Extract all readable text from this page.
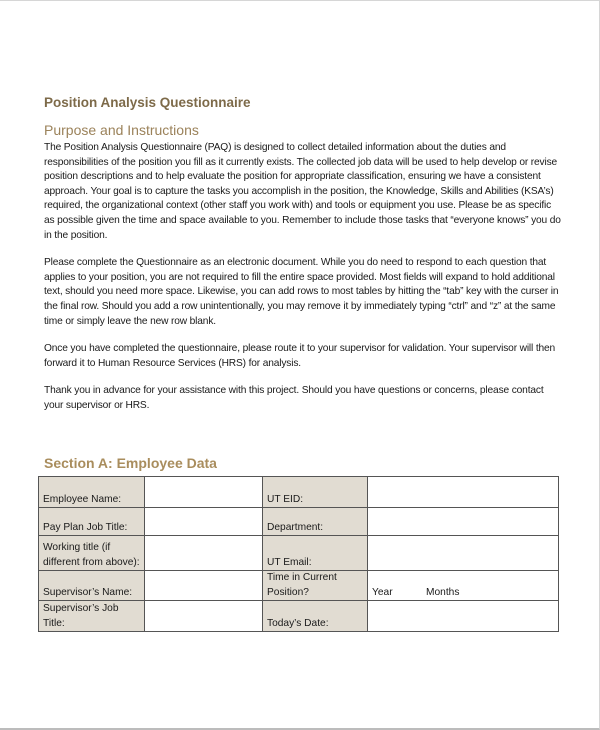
Position Analysis Questionnaire
Purpose and Instructions

The Position Analysis Questionnaire (PAQ) is designed to collect detailed information about the duties and responsibilities of the position you fill as it currently exists. The collected job data will be used to help develop or revise position descriptions and to help evaluate the position for appropriate classification, ensuring we have a consistent approach. Your goal is to capture the tasks you accomplish in the position, the Knowledge, Skills and Abilities (KSA’s) required, the organizational context (other staff you work with) and tools or equipment you use. Please be as specific as possible given the time and space available to you. Remember to include those tasks that “everyone knows” you do in the position.

Please complete the Questionnaire as an electronic document. While you do need to respond to each question that applies to your position, you are not required to fill the entire space provided. Most fields will expand to hold additional text, should you need more space. Likewise, you can add rows to most tables by hitting the “tab” key with the curser in the final row. Should you add a row unintentionally, you may remove it by immediately typing “ctrl” and “z” at the same time or simply leave the new row blank.

Once you have completed the questionnaire, please route it to your supervisor for validation. Your supervisor will then forward it to Human Resource Services (HRS) for analysis.

Thank you in advance for your assistance with this project. Should you have questions or concerns, please contact your supervisor or HRS.

Section A: Employee Data
Employee Name:		UT EID:	
Pay Plan Job Title:		Department:	
Working title (if different from above):		UT Email:	
Supervisor’s Name:		Time in Current Position?	Year Months
Supervisor’s Job Title:		Today’s Date:	
